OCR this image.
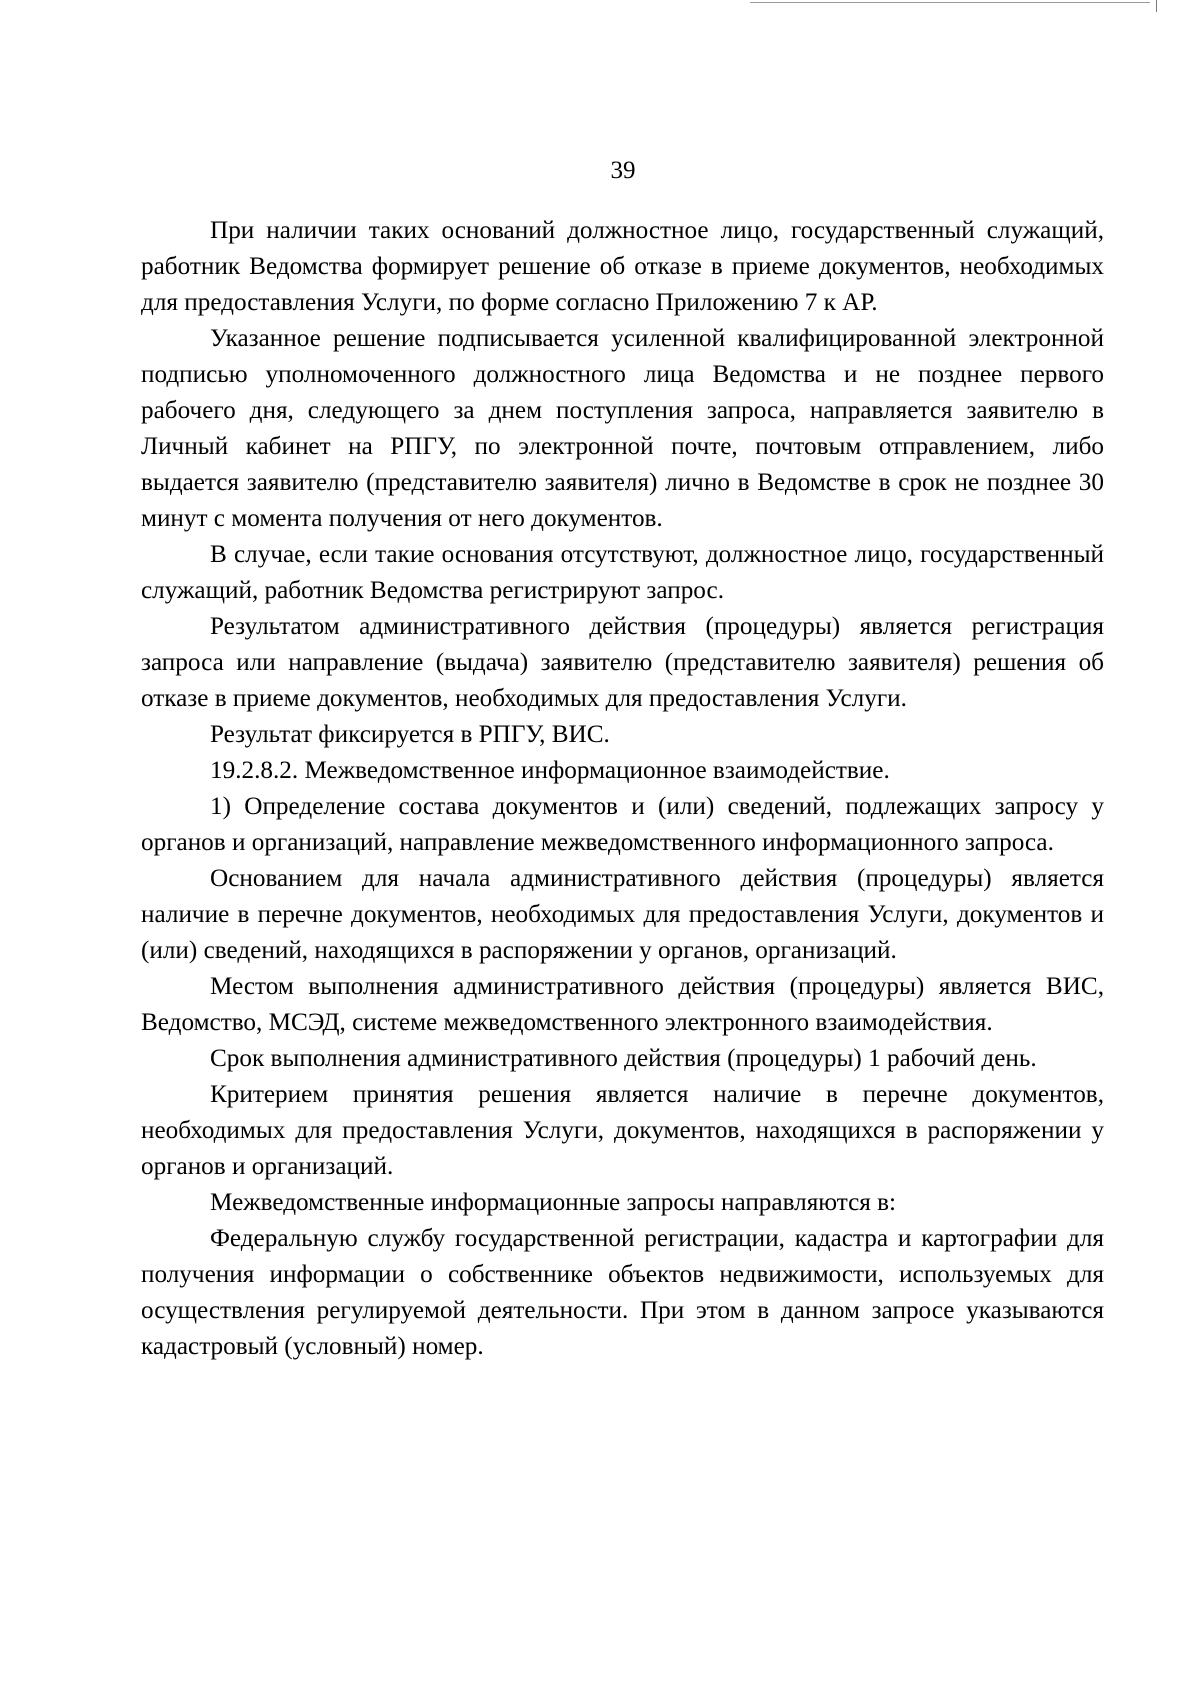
39

При наличии таких оснований должностное лицо, государственный служащий, работник Ведомства формирует решение об отказе в приеме документов, необходимых для предоставления Услуги, по форме согласно Приложению 7 к АР.

Указанное решение подписывается усиленной квалифицированной электронной подписью уполномоченного должностного лица Ведомства и не позднее первого рабочего дня, следующего за днем поступления запроса, направляется заявителю в Личный кабинет на РПГУ, по электронной почте, почтовым отправлением, либо выдается заявителю (представителю заявителя) лично в Ведомстве в срок не позднее 30 минут с момента получения от него документов.

В случае, если такие основания отсутствуют, должностное лицо, государственный служащий, работник Ведомства регистрируют запрос.

Результатом административного действия (процедуры) является регистрация запроса или направление (выдача) заявителю (представителю заявителя) решения об отказе в приеме документов, необходимых для предоставления Услуги.

Результат фиксируется в РПГУ, ВИС.

19.2.8.2. Межведомственное информационное взаимодействие.

1) Определение состава документов и (или) сведений, подлежащих запросу у органов и организаций, направление межведомственного информационного запроса.

Основанием для начала административного действия (процедуры) является наличие в перечне документов, необходимых для предоставления Услуги, документов и (или) сведений, находящихся в распоряжении у органов, организаций.

Местом выполнения административного действия (процедуры) является ВИС, Ведомство, МСЭД, системе межведомственного электронного взаимодействия.

Срок выполнения административного действия (процедуры) 1 рабочий день.

Критерием принятия решения является наличие в перечне документов, необходимых для предоставления Услуги, документов, находящихся в распоряжении у органов и организаций.

Межведомственные информационные запросы направляются в:

Федеральную службу государственной регистрации, кадастра и картографии для получения информации о собственнике объектов недвижимости, используемых для осуществления регулируемой деятельности. При этом в данном запросе указываются кадастровый (условный) номер.
